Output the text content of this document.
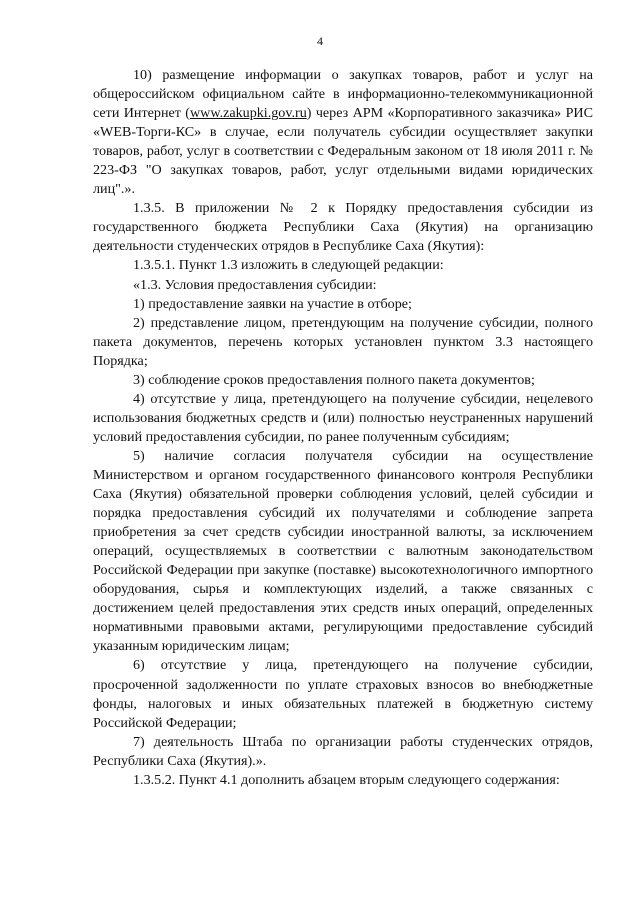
4

10) размещение информации о закупках товаров, работ и услуг на общероссийском официальном сайте в информационно-телекоммуникационной сети Интернет (www.zakupki.gov.ru) через АРМ «Корпоративного заказчика» РИС «WEB-Торги-КС» в случае, если получатель субсидии осуществляет закупки товаров, работ, услуг в соответствии с Федеральным законом от 18 июля 2011 г. № 223-ФЗ "О закупках товаров, работ, услуг отдельными видами юридических лиц".».

1.3.5. В приложении № 2 к Порядку предоставления субсидии из государственного бюджета Республики Саха (Якутия) на организацию деятельности студенческих отрядов в Республике Саха (Якутия):

1.3.5.1. Пункт 1.3 изложить в следующей редакции:

«1.3. Условия предоставления субсидии:

1) предоставление заявки на участие в отборе;

2) представление лицом, претендующим на получение субсидии, полного пакета документов, перечень которых установлен пунктом 3.3 настоящего Порядка;

3) соблюдение сроков предоставления полного пакета документов;

4) отсутствие у лица, претендующего на получение субсидии, нецелевого использования бюджетных средств и (или) полностью неустраненных нарушений условий предоставления субсидии, по ранее полученным субсидиям;

5) наличие согласия получателя субсидии на осуществление Министерством и органом государственного финансового контроля Республики Саха (Якутия) обязательной проверки соблюдения условий, целей субсидии и порядка предоставления субсидий их получателями и соблюдение запрета приобретения за счет средств субсидии иностранной валюты, за исключением операций, осуществляемых в соответствии с валютным законодательством Российской Федерации при закупке (поставке) высокотехнологичного импортного оборудования, сырья и комплектующих изделий, а также связанных с достижением целей предоставления этих средств иных операций, определенных нормативными правовыми актами, регулирующими предоставление субсидий указанным юридическим лицам;

6) отсутствие у лица, претендующего на получение субсидии, просроченной задолженности по уплате страховых взносов во внебюджетные фонды, налоговых и иных обязательных платежей в бюджетную систему Российской Федерации;

7) деятельность Штаба по организации работы студенческих отрядов, Республики Саха (Якутия).».

1.3.5.2. Пункт 4.1 дополнить абзацем вторым следующего содержания:
